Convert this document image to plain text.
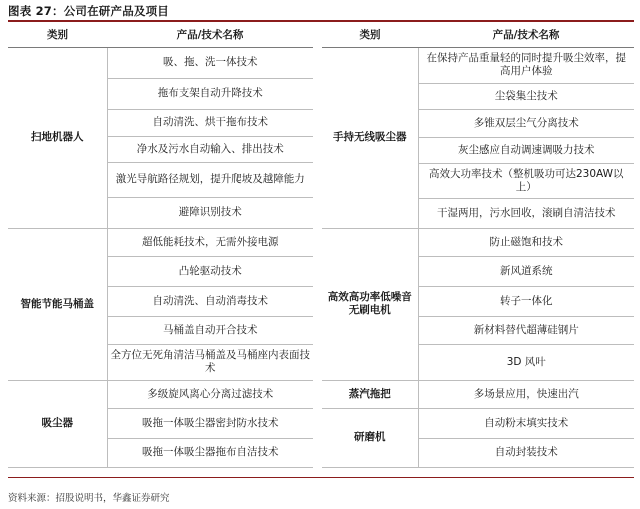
图表 27：公司在研产品及项目
类别	产品/技术名称
扫地机器人	吸、拖、洗一体技术
	拖布支架自动升降技术
	自动清洗、烘干拖布技术
	净水及污水自动输入、排出技术
	激光导航路径规划，提升爬坡及越障能力
	避障识别技术
智能节能马桶盖	超低能耗技术，无需外接电源
	凸轮驱动技术
	自动清洗、自动消毒技术
	马桶盖自动开合技术
	全方位无死角清洁马桶盖及马桶座内表面技术
吸尘器	多级旋风离心分离过滤技术
	吸拖一体吸尘器密封防水技术
	吸拖一体吸尘器拖布自洁技术
类别	产品/技术名称
手持无线吸尘器	在保持产品重量轻的同时提升吸尘效率，提高用户体验
	尘袋集尘技术
	多锥双层尘气分离技术
	灰尘感应自动调速调吸力技术
	高效大功率技术（整机吸功可达230AW以上）
	干湿两用，污水回收，滚刷自清洁技术
高效高功率低噪音无刷电机	防止磁饱和技术
	新风道系统
	转子一体化
	新材料替代超薄硅钢片
	3D 风叶
蒸汽拖把	多场景应用，快速出汽
研磨机	自动粉末填实技术
	自动封装技术
资料来源：招股说明书，华鑫证券研究
